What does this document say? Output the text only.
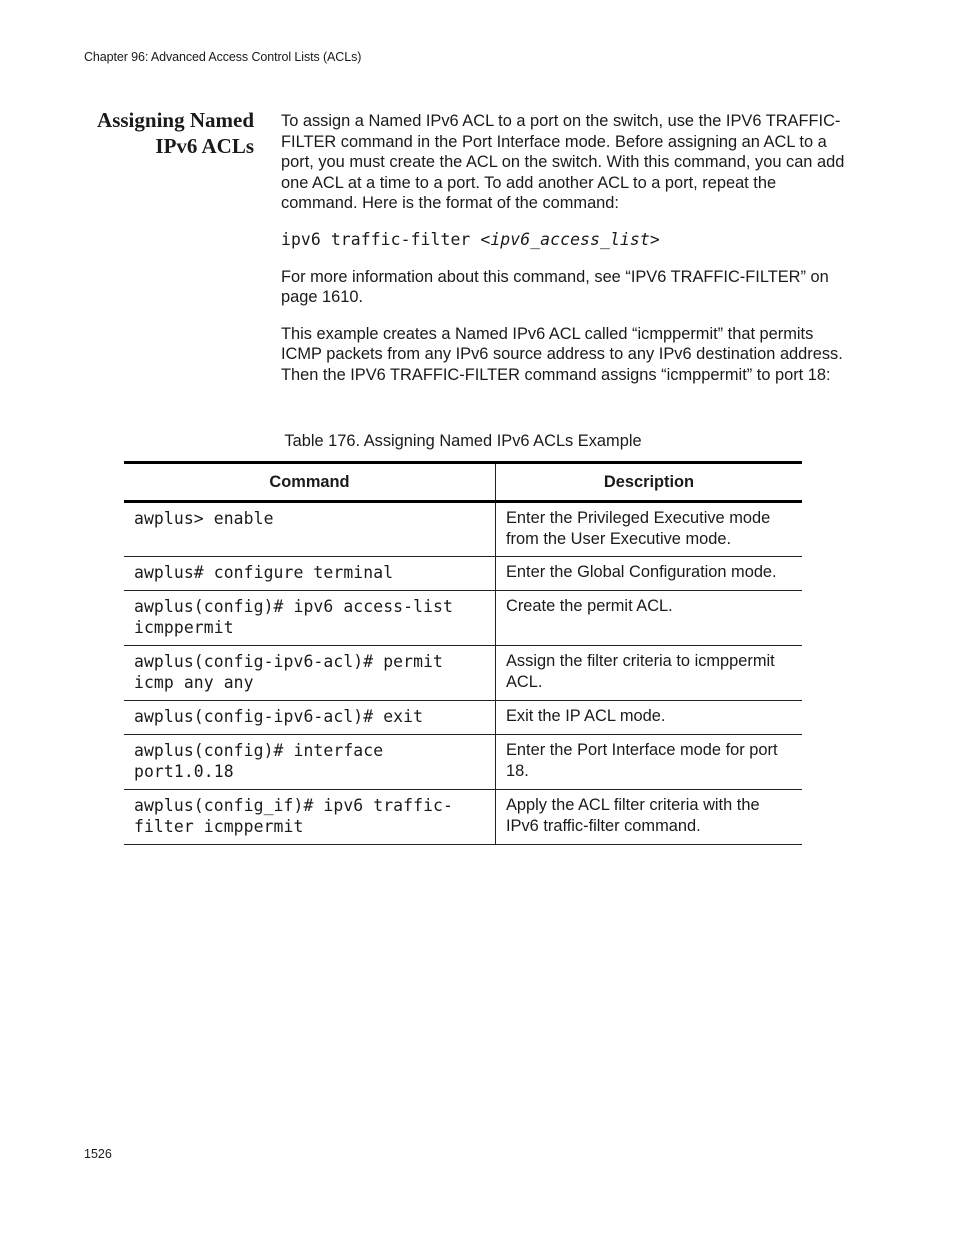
Chapter 96: Advanced Access Control Lists (ACLs)
Assigning Named
IPv6 ACLs

To assign a Named IPv6 ACL to a port on the switch, use the IPV6 TRAFFIC-FILTER command in the Port Interface mode. Before assigning an ACL to a port, you must create the ACL on the switch. With this command, you can add one ACL at a time to a port. To add another ACL to a port, repeat the command. Here is the format of the command:

ipv6 traffic-filter <ipv6_access_list>

For more information about this command, see “IPV6 TRAFFIC-FILTER” on page 1610.

This example creates a Named IPv6 ACL called “icmppermit” that permits ICMP packets from any IPv6 source address to any IPv6 destination address. Then the IPV6 TRAFFIC-FILTER command assigns “icmppermit” to port 18:

Table 176. Assigning Named IPv6 ACLs Example
Command	Description
awplus> enable	Enter the Privileged Executive mode from the User Executive mode.
awplus# configure terminal	Enter the Global Configuration mode.
awplus(config)# ipv6 access-list
icmppermit	Create the permit ACL.
awplus(config-ipv6-acl)# permit
icmp any any	Assign the filter criteria to icmppermit ACL.
awplus(config-ipv6-acl)# exit	Exit the IP ACL mode.
awplus(config)# interface
port1.0.18	Enter the Port Interface mode for port 18.
awplus(config_if)# ipv6 traffic-
filter icmppermit	Apply the ACL filter criteria with the IPv6 traffic-filter command.
1526
